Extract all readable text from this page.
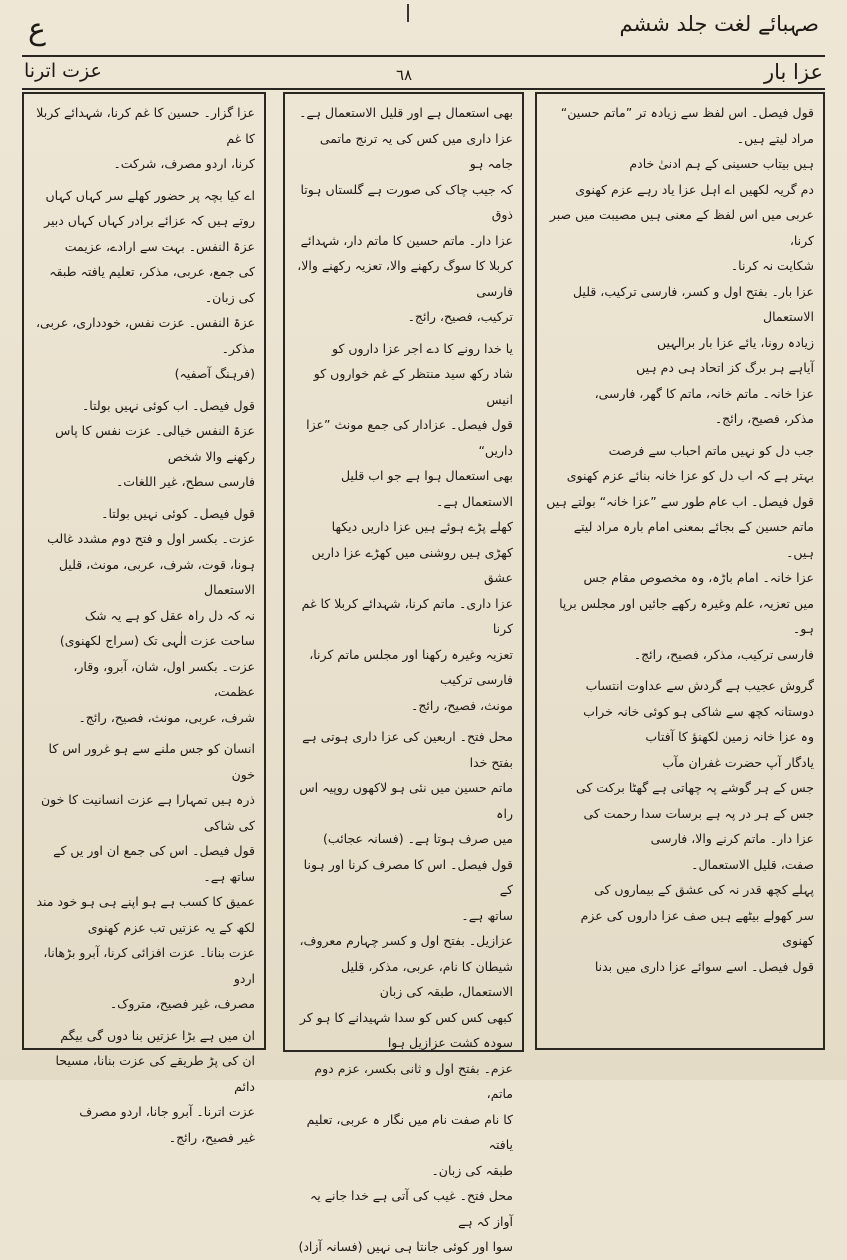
ع	صہبائے لغت جلد ششم
عزت اترنا	٦٨	عزا بار

قول فیصل۔ اس لفظ سے زیادہ تر ”ماتم حسین“

مراد لیتے ہیں۔

ہیں بیتاب حسینی کے ہم ادنیٰ خادم

دم گریہ لکھیں اے اہل عزا یاد رہے عزم کھنوی

عربی میں اس لفظ کے معنی ہیں مصیبت میں صبر کرنا،

شکایت نہ کرنا۔

عزا بار۔ بفتح اول و کسر، فارسی ترکیب، قلیل الاستعمال

زیادہ رونا، یائے عزا بار برالہیں

آیاہے ہر برگ کز اتحاد ہی دم ہیں

عزا خانہ۔ ماتم خانہ، ماتم کا گھر، فارسی،

مذکر، فصیح، رائج۔

جب دل کو نہیں ماتم احباب سے فرصت

بہتر ہے کہ اب دل کو عزا خانہ بنائے عزم کھنوی

قول فیصل۔ اب عام طور سے ”عزا خانہ“ بولتے ہیں

ماتم حسین کے بجائے بمعنی امام بارہ مراد لیتے ہیں۔

عزا خانہ۔ امام باڑہ، وہ مخصوص مقام جس

میں تعزیہ، علم وغیرہ رکھے جائیں اور مجلس برپا ہو۔

فارسی ترکیب، مذکر، فصیح، رائج۔

گروش عجیب ہے گردش سے عداوت انتساب

دوستانہ کچھ سے شاکی ہو کوئی خانہ خراب

وہ عزا خانہ زمین لکھنؤ کا آفتاب

یادگار آپ حضرت غفران مآب

جس کے ہر گوشے پہ چھاتی ہے گھٹا برکت کی

جس کے ہر در پہ ہے برسات سدا رحمت کی

عزا دار۔ ماتم کرنے والا، فارسی

صفت، قلیل الاستعمال۔

پہلے کچھ قدر نہ کی عشق کے بیماروں کی

سر کھولے بیٹھے ہیں صف عزا داروں کی عزم کھنوی

قول فیصل۔ اسے سوائے عزا داری میں بدنا

بھی استعمال ہے اور قلیل الاستعمال ہے۔

عزا داری میں کس کی یہ ترنج ماتمی جامہ ہو

کہ جیب چاک کی صورت ہے گلستاں ہوتا ذوق

عزا دار۔ ماتم حسین کا ماتم دار، شہدائے

کربلا کا سوگ رکھنے والا، تعزیہ رکھنے والا، فارسی

ترکیب، فصیح، رائج۔

یا خدا رونے کا دے اجر عزا داروں کو

شاد رکھ سید منتظر کے غم خواروں کو انیس

قول فیصل۔ عزادار کی جمع مونث ”عزا داریں“

بھی استعمال ہوا ہے جو اب قلیل الاستعمال ہے۔

کھلے پڑے ہوئے ہیں عزا داریں دیکھا

کھڑی ہیں روشنی میں کھڑے عزا داریں عشق

عزا داری۔ ماتم کرنا، شہدائے کربلا کا غم کرنا

تعزیہ وغیرہ رکھنا اور مجلس ماتم کرنا، فارسی ترکیب

مونث، فصیح، رائج۔

محل فتح۔ اربعین کی عزا داری ہوتی ہے بفتح خدا

ماتم حسین میں نئی ہو لاکھوں روپیہ اس راہ

میں صرف ہوتا ہے۔ (فسانہ عجائب)

قول فیصل۔ اس کا مصرف کرنا اور ہونا کے

ساتھ ہے۔

عزازیل۔ بفتح اول و کسر چہارم معروف،

شیطان کا نام، عربی، مذکر، قلیل الاستعمال، طبقہ کی زبان

کبھی کس کس کو سدا شہیدانے کا ہو کر

سودہ کشت عزازیل ہوا

عزم۔ بفتح اول و ثانی بکسر، عزم دوم ماتم،

کا نام صفت نام میں نگار ہ عربی، تعلیم یافتہ

طبقہ کی زبان۔

محل فتح۔ غیب کی آتی ہے خدا جانے یہ آواز کہ ہے

سوا اور کوئی جانتا ہی نہیں (فسانہ آزاد)

عزا گزار۔ حسین کا غم کرنا، شہدائے کربلا کا غم

کرنا، اردو مصرف، شرکت۔

اے کیا بچہ پر حضور کھلے سر کہاں کہاں

روتے ہیں کہ عزائے برادر کہاں کہاں دبیر

عزۃ النفس۔ بہت سے ارادے، عزیمت

کی جمع، عربی، مذکر، تعلیم یافتہ طبقہ کی زبان۔

عزۃ النفس۔ عزت نفس، خودداری، عربی، مذکر۔

(فرہنگ آصفیہ)

قول فیصل۔ اب کوئی نہیں بولتا۔

عزۃ النفس خیالی۔ عزت نفس کا پاس رکھنے والا شخص

فارسی سطح، غیر اللغات۔

قول فیصل۔ کوئی نہیں بولتا۔

عزت۔ بکسر اول و فتح دوم مشدد غالب

ہونا، قوت، شرف، عربی، مونث، قلیل الاستعمال

نہ کہ دل راہ عقل کو ہے یہ شک

ساحت عزت الٰہی تک (سراج لکھنوی)

عزت۔ بکسر اول، شان، آبرو، وقار، عظمت،

شرف، عربی، مونث، فصیح، رائج۔

انسان کو جس ملنے سے ہو غرور اس کا خون

ذرہ ہیں تمہارا ہے عزت انسانیت کا خون کی شاکی

قول فیصل۔ اس کی جمع ان اور یں کے ساتھ ہے۔

عمیق کا کسب ہے ہو اپنے ہی ہو خود مند

لکھ کے یہ عزتیں تب عزم کھنوی

عزت بنانا۔ عزت افزائی کرنا، آبرو بڑھانا، اردو

مصرف، غیر فصیح، متروک۔

ان میں ہے بڑا عزتیں بنا دوں گی بیگم

ان کی پڑ طریقے کی عزت بنانا، مسیحا دائم

عزت اترنا۔ آبرو جانا، اردو مصرف

غیر فصیح، رائج۔
